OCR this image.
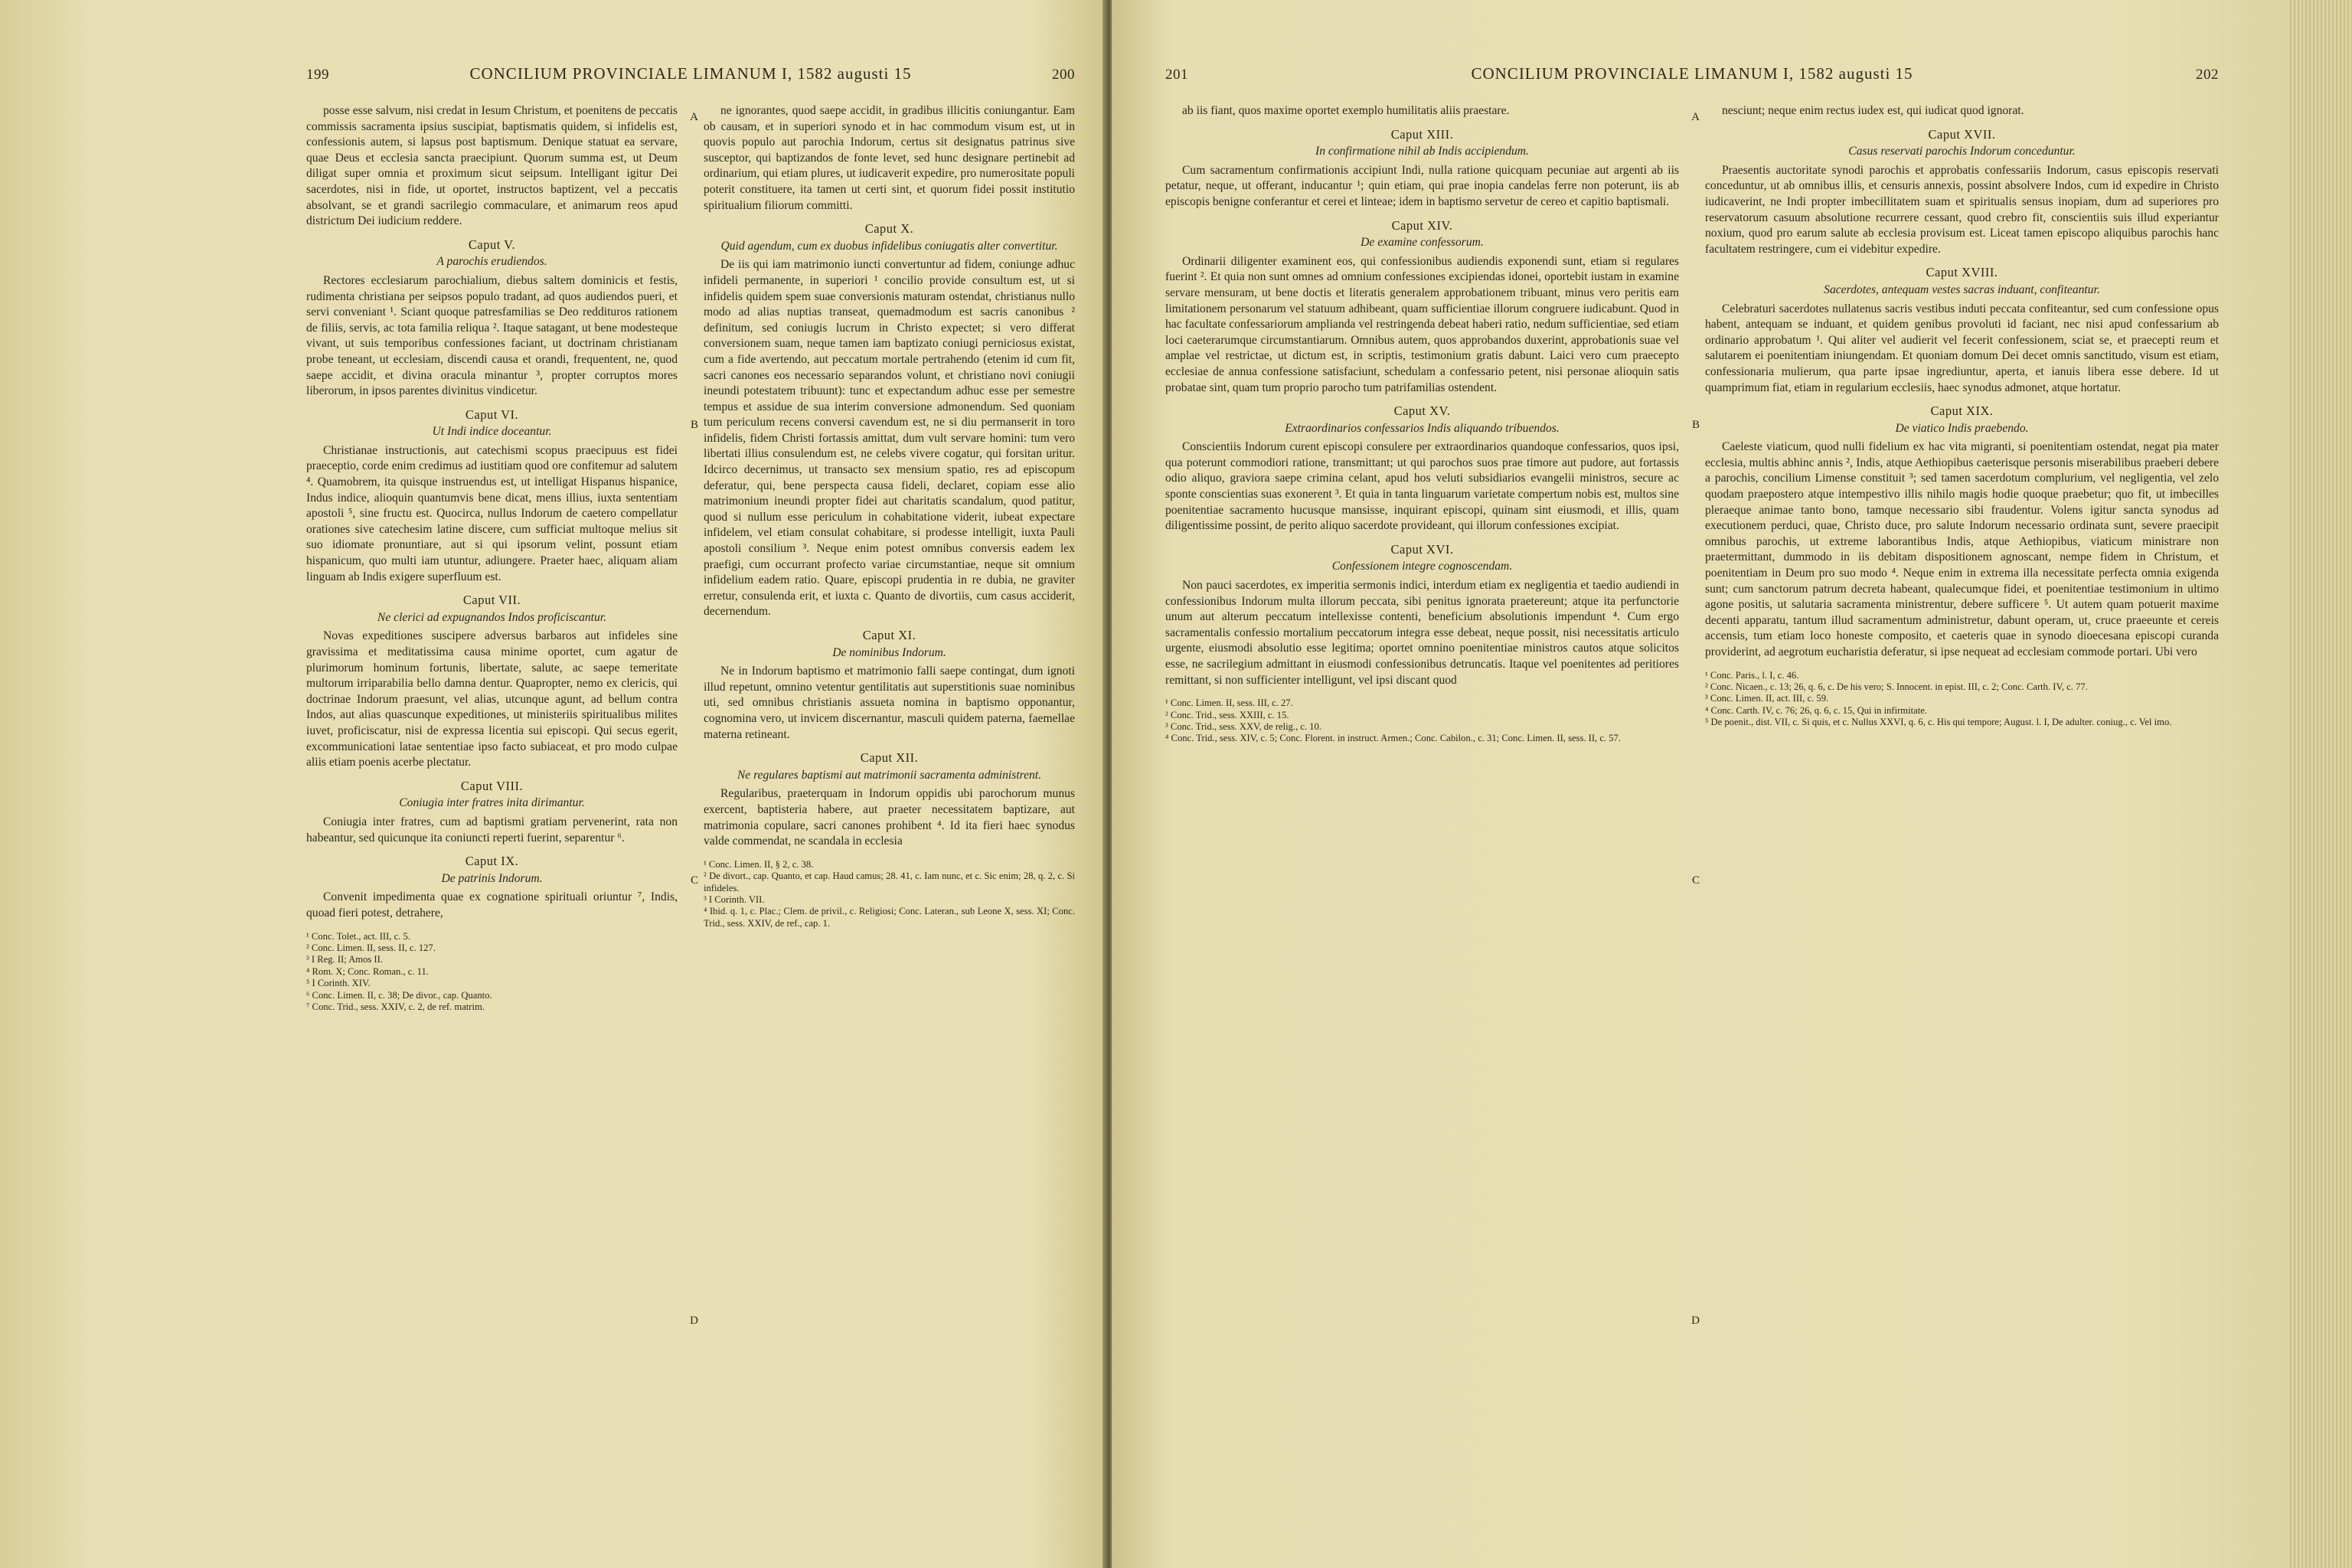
199	CONCILIUM PROVINCIALE LIMANUM I, 1582 augusti 15	200

posse esse salvum, nisi credat in Iesum Christum, et poenitens de peccatis commissis sacramenta ipsius suscipiat, baptismatis quidem, si infidelis est, confessionis autem, si lapsus post baptismum. Denique statuat ea servare, quae Deus et ecclesia sancta praecipiunt. Quorum summa est, ut Deum diligat super omnia et proximum sicut seipsum. Intelligant igitur Dei sacerdotes, nisi in fide, ut oportet, instructos baptizent, vel a peccatis absolvant, se et grandi sacrilegio commaculare, et animarum reos apud districtum Dei iudicium reddere.

Caput V.
A parochis erudiendos.

Rectores ecclesiarum parochialium, diebus saltem dominicis et festis, rudimenta christiana per seipsos populo tradant, ad quos audiendos pueri, et servi conveniant ¹. Sciant quoque patresfamilias se Deo reddituros rationem de filiis, servis, ac tota familia reliqua ². Itaque satagant, ut bene modesteque vivant, ut suis temporibus confessiones faciant, ut doctrinam christianam probe teneant, ut ecclesiam, discendi causa et orandi, frequentent, ne, quod saepe accidit, et divina oracula minantur ³, propter corruptos mores liberorum, in ipsos parentes divinitus vindicetur.

Caput VI.
Ut Indi indice doceantur.

Christianae instructionis, aut catechismi scopus praecipuus est fidei praeceptio, corde enim credimus ad iustitiam quod ore confitemur ad salutem ⁴. Quamobrem, ita quisque instruendus est, ut intelligat Hispanus hispanice, Indus indice, alioquin quantumvis bene dicat, mens illius, iuxta sententiam apostoli ⁵, sine fructu est. Quocirca, nullus Indorum de caetero compellatur orationes sive catechesim latine discere, cum sufficiat multoque melius sit suo idiomate pronuntiare, aut si qui ipsorum velint, possunt etiam hispanicum, quo multi iam utuntur, adiungere. Praeter haec, aliquam aliam linguam ab Indis exigere superfluum est.

Caput VII.
Ne clerici ad expugnandos Indos proficiscantur.

Novas expeditiones suscipere adversus barbaros aut infideles sine gravissima et meditatissima causa minime oportet, cum agatur de plurimorum hominum fortunis, libertate, salute, ac saepe temeritate multorum irriparabilia bello damna dentur. Quapropter, nemo ex clericis, qui doctrinae Indorum praesunt, vel alias, utcunque agunt, ad bellum contra Indos, aut alias quascunque expeditiones, ut ministeriis spiritualibus milites iuvet, proficiscatur, nisi de expressa licentia sui episcopi. Qui secus egerit, excommunicationi latae sententiae ipso facto subiaceat, et pro modo culpae aliis etiam poenis acerbe plectatur.

Caput VIII.
Coniugia inter fratres inita dirimantur.

Coniugia inter fratres, cum ad baptismi gratiam pervenerint, rata non habeantur, sed quicunque ita coniuncti reperti fuerint, separentur ⁶.

Caput IX.
De patrinis Indorum.

Convenit impedimenta quae ex cognatione spirituali oriuntur ⁷, Indis, quoad fieri potest, detrahere,

¹ Conc. Tolet., act. III, c. 5.
² Conc. Limen. II, sess. II, c. 127.
³ I Reg. II; Amos II.
⁴ Rom. X; Conc. Roman., c. 11.
⁵ I Corinth. XIV.
⁶ Conc. Limen. II, c. 38; De divor., cap. Quanto.
⁷ Conc. Trid., sess. XXIV, c. 2, de ref. matrim.
A
B
C
D

ne ignorantes, quod saepe accidit, in gradibus illicitis coniungantur. Eam ob causam, et in superiori synodo et in hac commodum visum est, ut in quovis populo aut parochia Indorum, certus sit designatus patrinus sive susceptor, qui baptizandos de fonte levet, sed hunc designare pertinebit ad ordinarium, qui etiam plures, ut iudicaverit expedire, pro numerositate populi poterit constituere, ita tamen ut certi sint, et quorum fidei possit institutio spiritualium filiorum committi.

Caput X.
Quid agendum, cum ex duobus infidelibus coniugatis alter convertitur.

De iis qui iam matrimonio iuncti convertuntur ad fidem, coniunge adhuc infideli permanente, in superiori ¹ concilio provide consultum est, ut si infidelis quidem spem suae conversionis maturam ostendat, christianus nullo modo ad alias nuptias transeat, quemadmodum est sacris canonibus ² definitum, sed coniugis lucrum in Christo expectet; si vero differat conversionem suam, neque tamen iam baptizato coniugi perniciosus existat, cum a fide avertendo, aut peccatum mortale pertrahendo (etenim id cum fit, sacri canones eos necessario separandos volunt, et christiano novi coniugii ineundi potestatem tribuunt): tunc et expectandum adhuc esse per semestre tempus et assidue de sua interim conversione admonendum. Sed quoniam tum periculum recens conversi cavendum est, ne si diu permanserit in toro infidelis, fidem Christi fortassis amittat, dum vult servare homini: tum vero libertati illius consulendum est, ne celebs vivere cogatur, qui forsitan uritur. Idcirco decernimus, ut transacto sex mensium spatio, res ad episcopum deferatur, qui, bene perspecta causa fideli, declaret, copiam esse alio matrimonium ineundi propter fidei aut charitatis scandalum, quod patitur, quod si nullum esse periculum in cohabitatione viderit, iubeat expectare infidelem, vel etiam consulat cohabitare, si prodesse intelligit, iuxta Pauli apostoli consilium ³. Neque enim potest omnibus conversis eadem lex praefigi, cum occurrant profecto variae circumstantiae, neque sit omnium infidelium eadem ratio. Quare, episcopi prudentia in re dubia, ne graviter erretur, consulenda erit, et iuxta c. Quanto de divortiis, cum casus acciderit, decernendum.

Caput XI.
De nominibus Indorum.

Ne in Indorum baptismo et matrimonio falli saepe contingat, dum ignoti illud repetunt, omnino vetentur gentilitatis aut superstitionis suae nominibus uti, sed omnibus christianis assueta nomina in baptismo opponantur, cognomina vero, ut invicem discernantur, masculi quidem paterna, faemellae materna retineant.

Caput XII.
Ne regulares baptismi aut matrimonii sacramenta administrent.

Regularibus, praeterquam in Indorum oppidis ubi parochorum munus exercent, baptisteria habere, aut praeter necessitatem baptizare, aut matrimonia copulare, sacri canones prohibent ⁴. Id ita fieri haec synodus valde commendat, ne scandala in ecclesia

¹ Conc. Limen. II, § 2, c. 38.
² De divort., cap. Quanto, et cap. Haud camus; 28. 41, c. Iam nunc, et c. Sic enim; 28, q. 2, c. Si infideles.
³ I Corinth. VII.
⁴ Ibid. q. 1, c. Plac.; Clem. de privil., c. Religiosi; Conc. Lateran., sub Leone X, sess. XI; Conc. Trid., sess. XXIV, de ref., cap. 1.
201	CONCILIUM PROVINCIALE LIMANUM I, 1582 augusti 15	202

ab iis fiant, quos maxime oportet exemplo humilitatis aliis praestare.

Caput XIII.
In confirmatione nihil ab Indis accipiendum.

Cum sacramentum confirmationis accipiunt Indi, nulla ratione quicquam pecuniae aut argenti ab iis petatur, neque, ut offerant, inducantur ¹; quin etiam, qui prae inopia candelas ferre non poterunt, iis ab episcopis benigne conferantur et cerei et linteae; idem in baptismo servetur de cereo et capitio baptismali.

Caput XIV.
De examine confessorum.

Ordinarii diligenter examinent eos, qui confessionibus audiendis exponendi sunt, etiam si regulares fuerint ². Et quia non sunt omnes ad omnium confessiones excipiendas idonei, oportebit iustam in examine servare mensuram, ut bene doctis et literatis generalem approbationem tribuant, minus vero peritis eam limitationem personarum vel statuum adhibeant, quam sufficientiae illorum congruere iudicabunt. Quod in hac facultate confessariorum amplianda vel restringenda debeat haberi ratio, nedum sufficientiae, sed etiam loci caeterarumque circumstantiarum. Omnibus autem, quos approbandos duxerint, approbationis suae vel amplae vel restrictae, ut dictum est, in scriptis, testimonium gratis dabunt. Laici vero cum praecepto ecclesiae de annua confessione satisfaciunt, schedulam a confessario petent, nisi personae alioquin satis probatae sint, quam tum proprio parocho tum patrifamilias ostendent.

Caput XV.
Extraordinarios confessarios Indis aliquando tribuendos.

Conscientiis Indorum curent episcopi consulere per extraordinarios quandoque confessarios, quos ipsi, qua poterunt commodiori ratione, transmittant; ut qui parochos suos prae timore aut pudore, aut fortassis odio aliquo, graviora saepe crimina celant, apud hos veluti subsidiarios evangelii ministros, secure ac sponte conscientias suas exonerent ³. Et quia in tanta linguarum varietate compertum nobis est, multos sine poenitentiae sacramento hucusque mansisse, inquirant episcopi, quinam sint eiusmodi, et illis, quam diligentissime possint, de perito aliquo sacerdote provideant, qui illorum confessiones excipiat.

Caput XVI.
Confessionem integre cognoscendam.

Non pauci sacerdotes, ex imperitia sermonis indici, interdum etiam ex negligentia et taedio audiendi in confessionibus Indorum multa illorum peccata, sibi penitus ignorata praetereunt; atque ita perfunctorie unum aut alterum peccatum intellexisse contenti, beneficium absolutionis impendunt ⁴. Cum ergo sacramentalis confessio mortalium peccatorum integra esse debeat, neque possit, nisi necessitatis articulo urgente, eiusmodi absolutio esse legitima; oportet omnino poenitentiae ministros cautos atque solicitos esse, ne sacrilegium admittant in eiusmodi confessionibus detruncatis. Itaque vel poenitentes ad peritiores remittant, si non sufficienter intelligunt, vel ipsi discant quod

¹ Conc. Limen. II, sess. III, c. 27.
² Conc. Trid., sess. XXIII, c. 15.
³ Conc. Trid., sess. XXV, de relig., c. 10.
⁴ Conc. Trid., sess. XIV, c. 5; Conc. Florent. in instruct. Armen.; Conc. Cabilon., c. 31; Conc. Limen. II, sess. II, c. 57.
A
B
C
D

nesciunt; neque enim rectus iudex est, qui iudicat quod ignorat.

Caput XVII.
Casus reservati parochis Indorum conceduntur.

Praesentis auctoritate synodi parochis et approbatis confessariis Indorum, casus episcopis reservati conceduntur, ut ab omnibus illis, et censuris annexis, possint absolvere Indos, cum id expedire in Christo iudicaverint, ne Indi propter imbecillitatem suam et spiritualis sensus inopiam, dum ad superiores pro reservatorum casuum absolutione recurrere cessant, quod crebro fit, conscientiis suis illud experiantur noxium, quod pro earum salute ab ecclesia provisum est. Liceat tamen episcopo aliquibus parochis hanc facultatem restringere, cum ei videbitur expedire.

Caput XVIII.
Sacerdotes, antequam vestes sacras induant, confiteantur.

Celebraturi sacerdotes nullatenus sacris vestibus induti peccata confiteantur, sed cum confessione opus habent, antequam se induant, et quidem genibus provoluti id faciant, nec nisi apud confessarium ab ordinario approbatum ¹. Qui aliter vel audierit vel fecerit confessionem, sciat se, et praecepti reum et salutarem ei poenitentiam iniungendam. Et quoniam domum Dei decet omnis sanctitudo, visum est etiam, confessionaria mulierum, qua parte ipsae ingrediuntur, aperta, et ianuis libera esse debere. Id ut quamprimum fiat, etiam in regularium ecclesiis, haec synodus admonet, atque hortatur.

Caput XIX.
De viatico Indis praebendo.

Caeleste viaticum, quod nulli fidelium ex hac vita migranti, si poenitentiam ostendat, negat pia mater ecclesia, multis abhinc annis ², Indis, atque Aethiopibus caeterisque personis miserabilibus praeberi debere a parochis, concilium Limense constituit ³; sed tamen sacerdotum complurium, vel negligentia, vel zelo quodam praepostero atque intempestivo illis nihilo magis hodie quoque praebetur; quo fit, ut imbecilles pleraeque animae tanto bono, tamque necessario sibi fraudentur. Volens igitur sancta synodus ad executionem perduci, quae, Christo duce, pro salute Indorum necessario ordinata sunt, severe praecipit omnibus parochis, ut extreme laborantibus Indis, atque Aethiopibus, viaticum ministrare non praetermittant, dummodo in iis debitam dispositionem agnoscant, nempe fidem in Christum, et poenitentiam in Deum pro suo modo ⁴. Neque enim in extrema illa necessitate perfecta omnia exigenda sunt; cum sanctorum patrum decreta habeant, qualecumque fidei, et poenitentiae testimonium in ultimo agone positis, ut salutaria sacramenta ministrentur, debere sufficere ⁵. Ut autem quam potuerit maxime decenti apparatu, tantum illud sacramentum administretur, dabunt operam, ut, cruce praeeunte et cereis accensis, tum etiam loco honeste composito, et caeteris quae in synodo dioecesana episcopi curanda providerint, ad aegrotum eucharistia deferatur, si ipse nequeat ad ecclesiam commode portari. Ubi vero

¹ Conc. Paris., l. I, c. 46.
² Conc. Nicaen., c. 13; 26, q. 6, c. De his vero; S. Innocent. in epist. III, c. 2; Conc. Carth. IV, c. 77.
³ Conc. Limen. II, act. III, c. 59.
⁴ Conc. Carth. IV, c. 76; 26, q. 6, c. 15, Qui in infirmitate.
⁵ De poenit., dist. VII, c. Si quis, et c. Nullus XXVI, q. 6, c. His qui tempore; August. l. I, De adulter. coniug., c. Vel imo.
